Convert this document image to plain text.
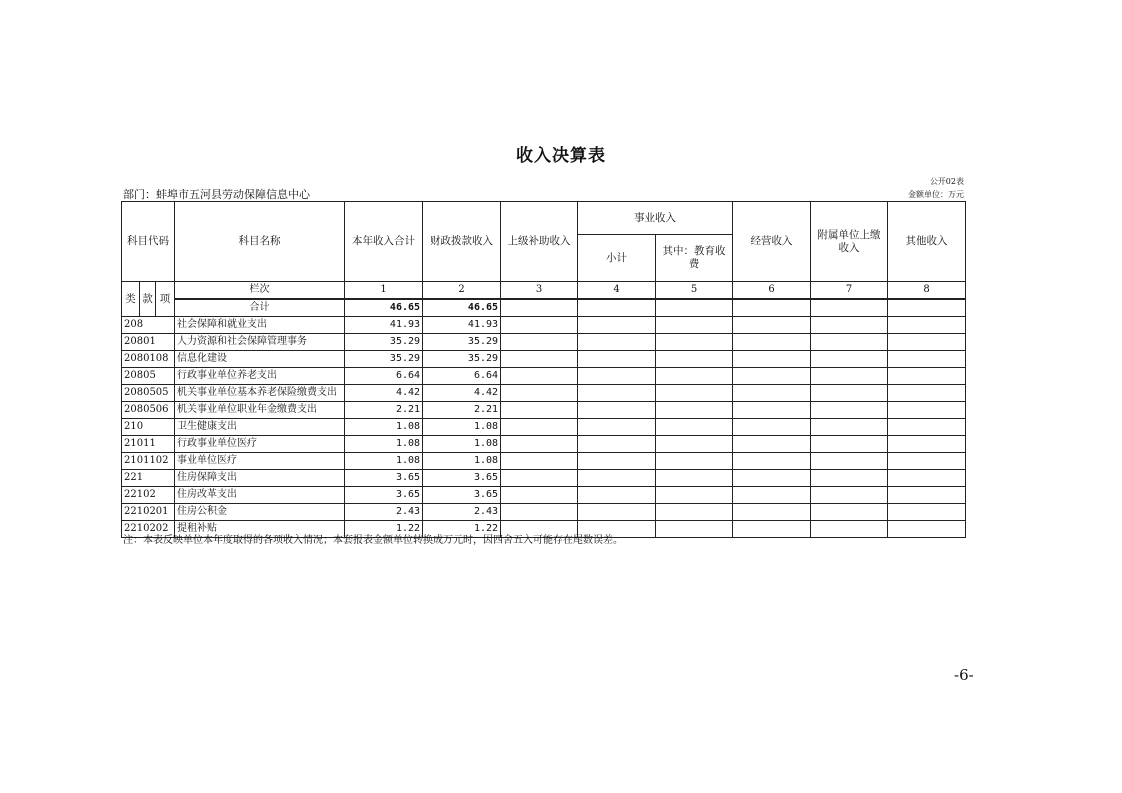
收入决算表
公开02表
部门：蚌埠市五河县劳动保障信息中心	金额单位：万元
科目代码			科目名称	本年收入合计	财政拨款收入	上级补助收入	事业收入		经营收入	附属单位上缴收入	其他收入
							小计	其中：教育收费			
类	款	项	栏次	1	2	3	4	5	6	7	8
			合计	46.65	46.65						
208			社会保障和就业支出	41.93	41.93						
20801			人力资源和社会保障管理事务	35.29	35.29						
2080108			信息化建设	35.29	35.29						
20805			行政事业单位养老支出	6.64	6.64						
2080505			机关事业单位基本养老保险缴费支出	4.42	4.42						
2080506			机关事业单位职业年金缴费支出	2.21	2.21						
210			卫生健康支出	1.08	1.08						
21011			行政事业单位医疗	1.08	1.08						
2101102			事业单位医疗	1.08	1.08						
221			住房保障支出	3.65	3.65						
22102			住房改革支出	3.65	3.65						
2210201			住房公积金	2.43	2.43						
2210202			提租补贴	1.22	1.22						
注：本表反映单位本年度取得的各项收入情况；本套报表金额单位转换成万元时，因四舍五入可能存在尾数误差。
-6-
